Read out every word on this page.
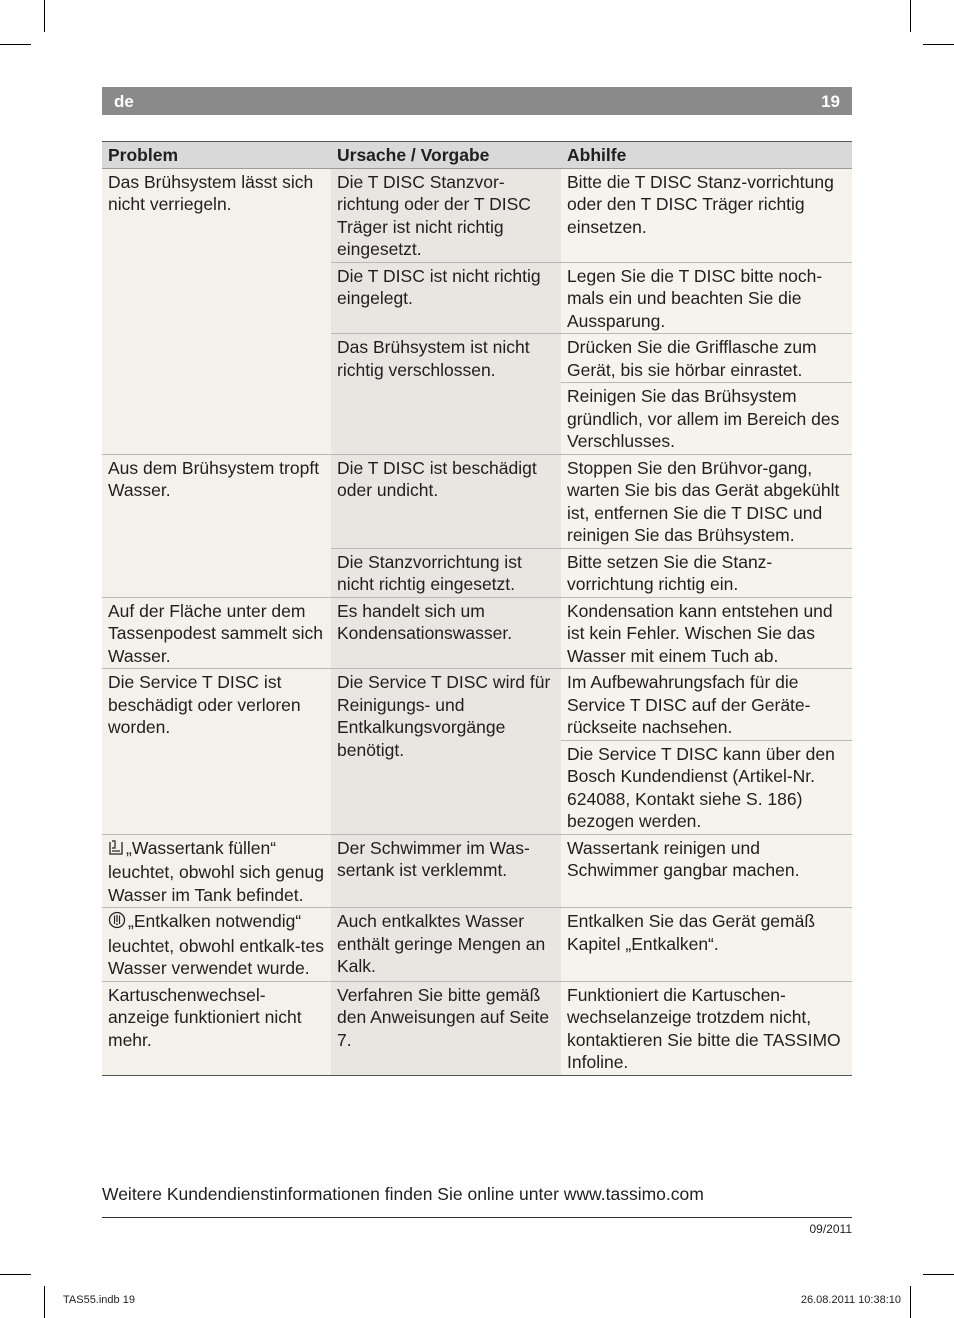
de	19
Problem	Ursache / Vorgabe	Abhilfe
Das Brühsystem lässt sich nicht verriegeln.	Die T DISC Stanzvor-richtung oder der T DISC Träger ist nicht richtig eingesetzt.	Bitte die T DISC Stanz-vorrichtung oder den T DISC Träger richtig einsetzen.
	Die T DISC ist nicht richtig eingelegt.	Legen Sie die T DISC bitte noch-mals ein und beachten Sie die Aussparung.
	Das Brühsystem ist nicht richtig verschlossen.	Drücken Sie die Grifflasche zum Gerät, bis sie hörbar einrastet.
		Reinigen Sie das Brühsystem gründlich, vor allem im Bereich des Verschlusses.
Aus dem Brühsystem tropft Wasser.	Die T DISC ist beschädigt oder undicht.	Stoppen Sie den Brühvor-gang, warten Sie bis das Gerät abgekühlt ist, entfernen Sie die T DISC und reinigen Sie das Brühsystem.
	Die Stanzvorrichtung ist nicht richtig eingesetzt.	Bitte setzen Sie die Stanz-vorrichtung richtig ein.
Auf der Fläche unter dem Tassenpodest sammelt sich Wasser.	Es handelt sich um Kondensationswasser.	Kondensation kann entstehen und ist kein Fehler. Wischen Sie das Wasser mit einem Tuch ab.
Die Service T DISC ist beschädigt oder verloren worden.	Die Service T DISC wird für Reinigungs- und Entkalkungsvorgänge benötigt.	Im Aufbewahrungsfach für die Service T DISC auf der Geräte-rückseite nachsehen.
		Die Service T DISC kann über den Bosch Kundendienst (Artikel-Nr. 624088, Kontakt siehe S. 186) bezogen werden.
„Wassertank füllen“ leuchtet, obwohl sich genug Wasser im Tank befindet.	Der Schwimmer im Was-sertank ist verklemmt.	Wassertank reinigen und Schwimmer gangbar machen.
„Entkalken notwendig“ leuchtet, obwohl entkalk-tes Wasser verwendet wurde.	Auch entkalktes Wasser enthält geringe Mengen an Kalk.	Entkalken Sie das Gerät gemäß Kapitel „Entkalken“.
Kartuschenwechsel-anzeige funktioniert nicht mehr.	Verfahren Sie bitte gemäß den Anweisungen auf Seite 7.	Funktioniert die Kartuschen-wechselanzeige trotzdem nicht, kontaktieren Sie bitte die TASSIMO Infoline.
Weitere Kundendienstinformationen finden Sie online unter www.tassimo.com
09/2011
TAS55.indb 19	26.08.2011 10:38:10
